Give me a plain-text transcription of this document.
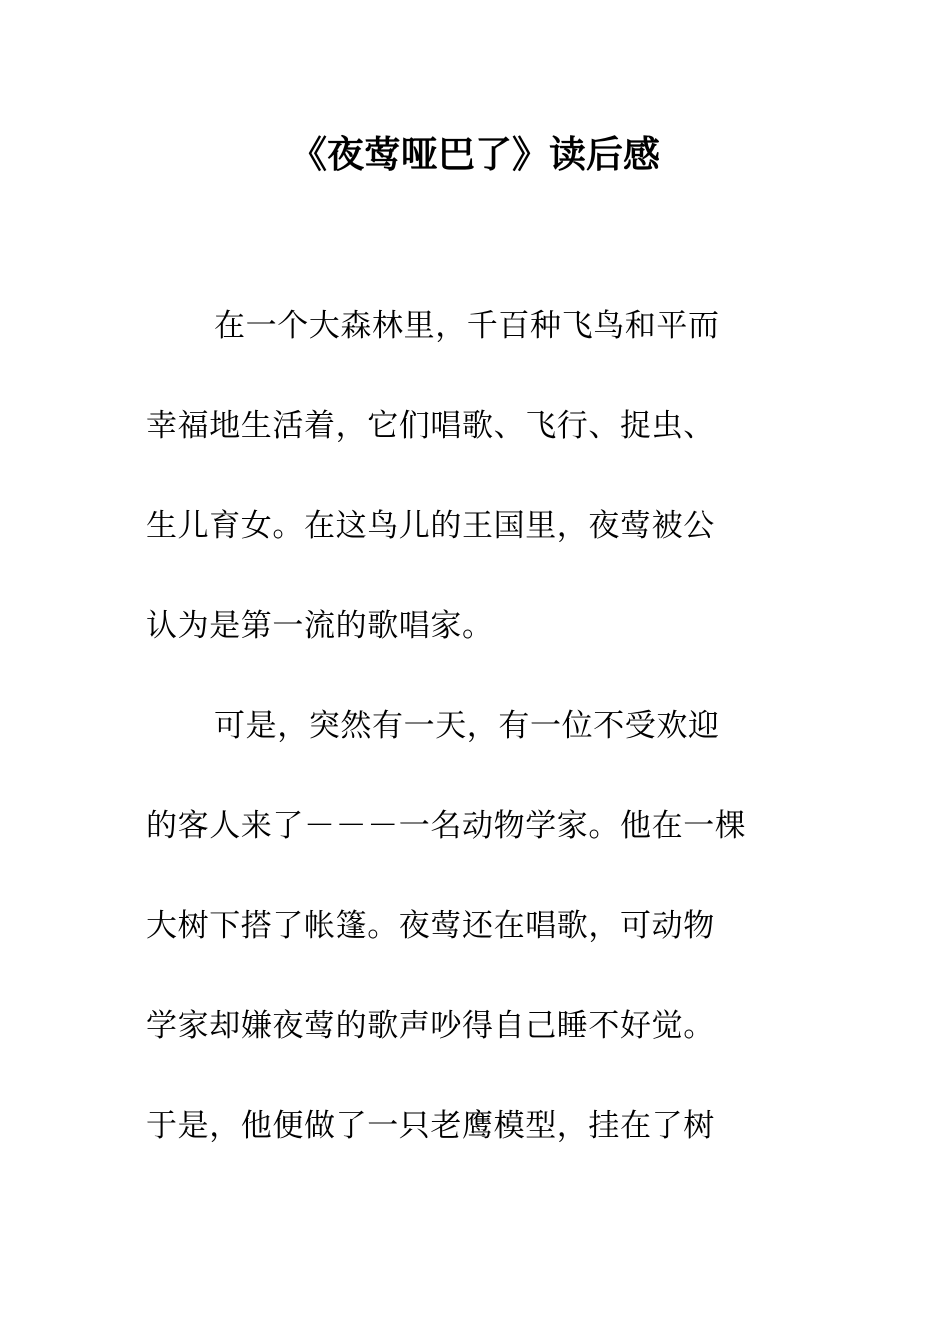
《夜莺哑巴了》读后感
在一个大森林里，千百种飞鸟和平而
幸福地生活着，它们唱歌、飞行、捉虫、
生儿育女。在这鸟儿的王国里，夜莺被公
认为是第一流的歌唱家。
可是，突然有一天，有一位不受欢迎
的客人来了－－－一名动物学家。他在一棵
大树下搭了帐篷。夜莺还在唱歌，可动物
学家却嫌夜莺的歌声吵得自己睡不好觉。
于是，他便做了一只老鹰模型，挂在了树
